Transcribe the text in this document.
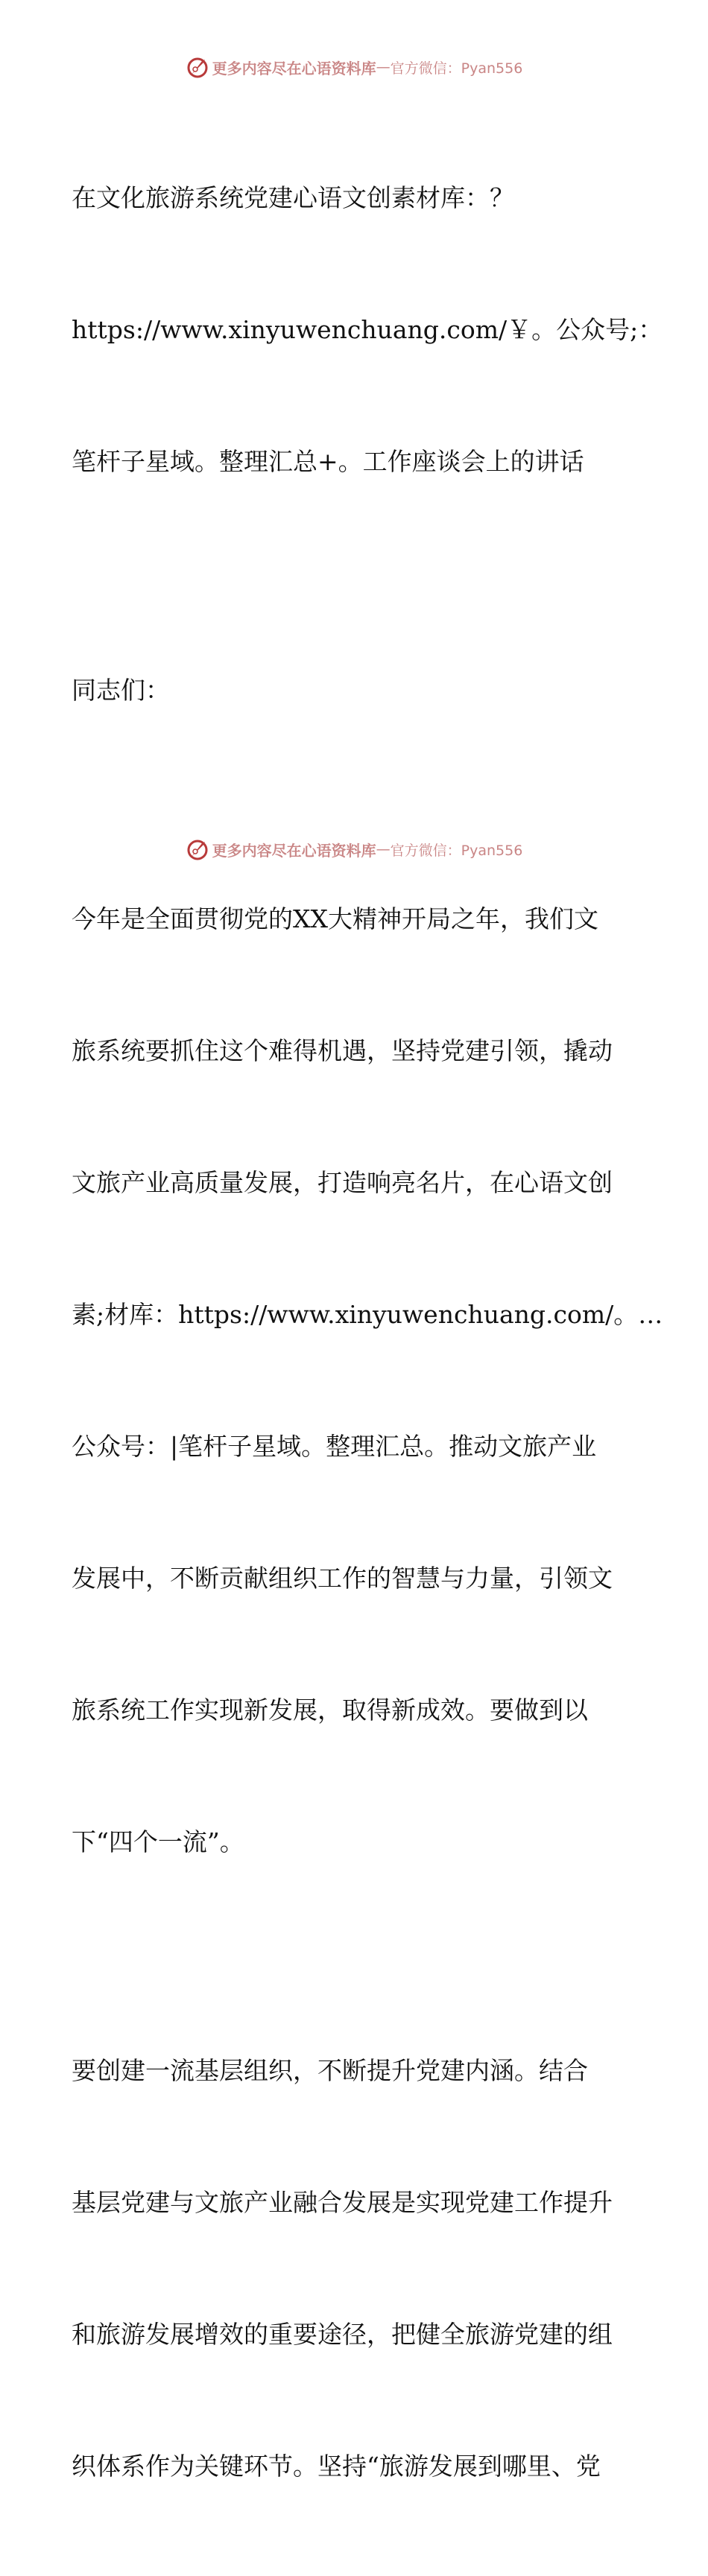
更多内容尽在心语资料库 — 官方微信：Pyan556

在文化旅游系统党建心语文创素材库：？

https://www.xinyuwenchuang.com/￥。公众号;：

笔杆子星域。整理汇总+。工作座谈会上的讲话

同志们：

今年是全面贯彻党的XX大精神开局之年，我们文

旅系统要抓住这个难得机遇，坚持党建引领，撬动

文旅产业高质量发展，打造响亮名片，在心语文创

素;材库：https://www.xinyuwenchuang.com/。…

公众号：|笔杆子星域。整理汇总。推动文旅产业

发展中，不断贡献组织工作的智慧与力量，引领文

旅系统工作实现新发展，取得新成效。要做到以

下“四个一流”。

要创建一流基层组织，不断提升党建内涵。结合

基层党建与文旅产业融合发展是实现党建工作提升

和旅游发展增效的重要途径，把健全旅游党建的组

织体系作为关键环节。坚持“旅游发展到哪里、党

更多内容尽在心语资料库 — 官方微信：Pyan556
